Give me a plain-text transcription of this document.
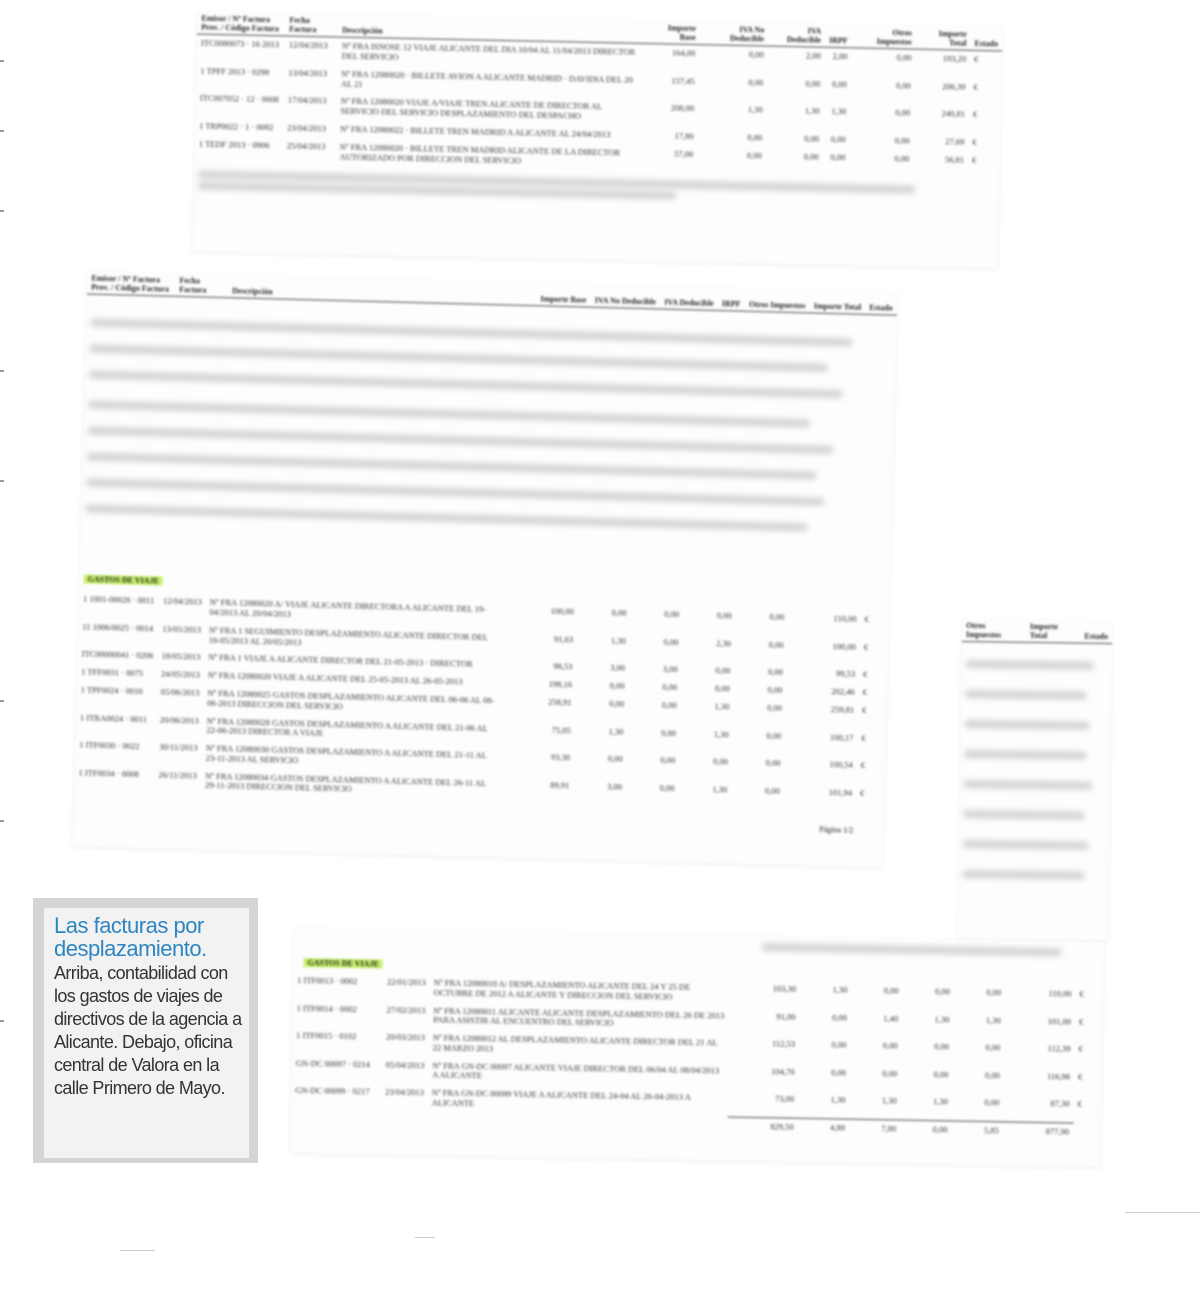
Emisor / Nº Factura Prov. / Código Factura	Fecha Factura	Descripción	Importe Base	IVA No Deducible	IVA Deducible	IRPF	Otros Impuestos	Importe Total	Estado
ITC0080073 · 16 2013	12/04/2013	Nº FRA ISNOSE 12 VIAJE ALICANTE DEL DIA 10/04 AL 11/04/2013 DIRECTOR DEL SERVICIO	164,00	0,00	2,00	2,00	0,00	193,20	€
1 TPFF 2013 · 0298	13/04/2013	Nº FRA 12080020 · BILLETE AVION A ALICANTE MADRID · DAVIDIA DEL 20 AL 21	157,45	0,00	0,00	0,00	0,00	206,39	€
ITC007052 · 12 · 0008	17/04/2013	Nº FRA 12080020 VIAJE A/VIAJE TREN ALICANTE DE DIRECTOR AL SERVICIO DEL SERVICIO DESPLAZAMIENTO DEL DESPACHO	208,00	1,30	1,30	1,30	0,00	240,81	€
1 TRP0022 · 1 · 0092	23/04/2013	Nº FRA 12080022 · BILLETE TREN MADRID A ALICANTE AL 24/04/2013	17,80	0,00	0,00	0,00	0,00	27,69	€
1 TEDF 2013 · 0906	25/04/2013	Nº FRA 12080020 · BILLETE TREN MADRID ALICANTE DE LA DIRECTOR AUTORIZADO POR DIRECCION DEL SERVICIO	57,00	0,00	0,00	0,00	0,00	56,81	€
Emisor / Nº Factura Prov. / Código Factura	Fecha Factura	Descripción	Importe Base	IVA No Deducible	IVA Deducible	IRPF	Otros Impuestos	Importe Total	Estado
GASTOS DE VIAJE
1 1001-00026 · 0011	12/04/2013	Nº FRA 12080020 A/ VIAJE ALICANTE DIRECTORA A ALICANTE DEL 19-04/2013 AL 20/04/2013	100,00	0,00	0,00	0,00	0,00	110,00	€
11 1006/0025 · 0014	13/05/2013	Nº FRA 1 SEGUIMIENTO DESPLAZAMIENTO ALICANTE DIRECTOR DEL 16-05/2013 AL 20/05/2013	91,63	1,30	0,00	2,30	0,00	100,00	€
ITC00000041 · 0206	18/05/2013	Nº FRA 1 VIAJE A ALICANTE DIRECTOR DEL 21-05-2013 · DIRECTOR	98,53	3,00	3,00	0,00	0,00	99,53	€
1 TFF0031 · 0075	24/05/2013	Nº FRA 12080020 VIAJE A ALICANTE DEL 25-05-2013 AL 26-05-2013	198,16	0,00	0,00	0,00	0,00	202,46	€
1 TPF0024 · 0016	05/06/2013	Nº FRA 12080025 GASTOS DESPLAZAMIENTO ALICANTE DEL 06-06 AL 08-06-2013 DIRECCION DEL SERVICIO	258,91	0,00	0,00	1,30	0,00	259,81	€
1 ITRA0024 · 0011	20/06/2013	Nº FRA 12080028 GASTOS DESPLAZAMIENTO A ALICANTE DEL 21-06 AL 22-06-2013 DIRECTOR A VIAJE	75,05	1,30	0,00	1,30	0,00	100,17	€
1 ITF0030 · 0022	30/11/2013	Nº FRA 12080030 GASTOS DESPLAZAMIENTO A ALICANTE DEL 21-11 AL 23-11-2013 AL SERVICIO	93,30	0,00	0,00	0,00	0,00	100,54	€
1 ITF0034 · 0008	26/11/2013	Nº FRA 12080034 GASTOS DESPLAZAMIENTO A ALICANTE DEL 26-11 AL 29-11-2013 DIRECCION DEL SERVICIO	89,91	3,00	0,00	1,30	0,00	101,94	€
Página 1/2
Otros Impuestos	Importe Total	Estado
GASTOS DE VIAJE
1 ITF0013 · 0002	22/01/2013	Nº FRA 12080010 A/ DESPLAZAMIENTO ALICANTE DEL 24 Y 25 DE OCTUBRE DE 2012 A ALICANTE Y DIRECCION DEL SERVICIO	103,30	1,30	0,00	0,00	0,00	110,00	€
1 ITF0014 · 0002	27/02/2013	Nº FRA 12080011 ALICANTE ALICANTE DESPLAZAMIENTO DEL 26 DE 2013 PARA ASISTIR AL ENCUENTRO DEL SERVICIO	91,00	0,00	1,40	1,30	1,30	101,00	€
1 ITF0015 · 0102	20/03/2013	Nº FRA 12080012 AL DESPLAZAMIENTO ALICANTE DIRECTOR DEL 21 AL 22 MARZO 2013	112,53	0,00	0,00	0,00	0,00	112,39	€
GN-DC 00097 · 0214	05/04/2013	Nº FRA GN-DC 00097 ALICANTE VIAJE DIRECTOR DEL 06/04 AL 08/04/2013 A ALICANTE	104,70	0,00	0,00	0,00	0,00	116,98	€
GN-DC 00099 · 0217	23/04/2013	Nº FRA GN-DC 00099 VIAJE A ALICANTE DEL 24-04 AL 26-04-2013 A ALICANTE	73,00	1,30	1,30	1,30	0,00	87,30	€
			829,50	4,89	7,80	0,00	5,85	877,90	
Las facturas por desplazamiento.
Arriba, contabilidad con los gastos de viajes de directivos de la agencia a Alicante. Debajo, oficina central de Valora en la calle Primero de Mayo.
